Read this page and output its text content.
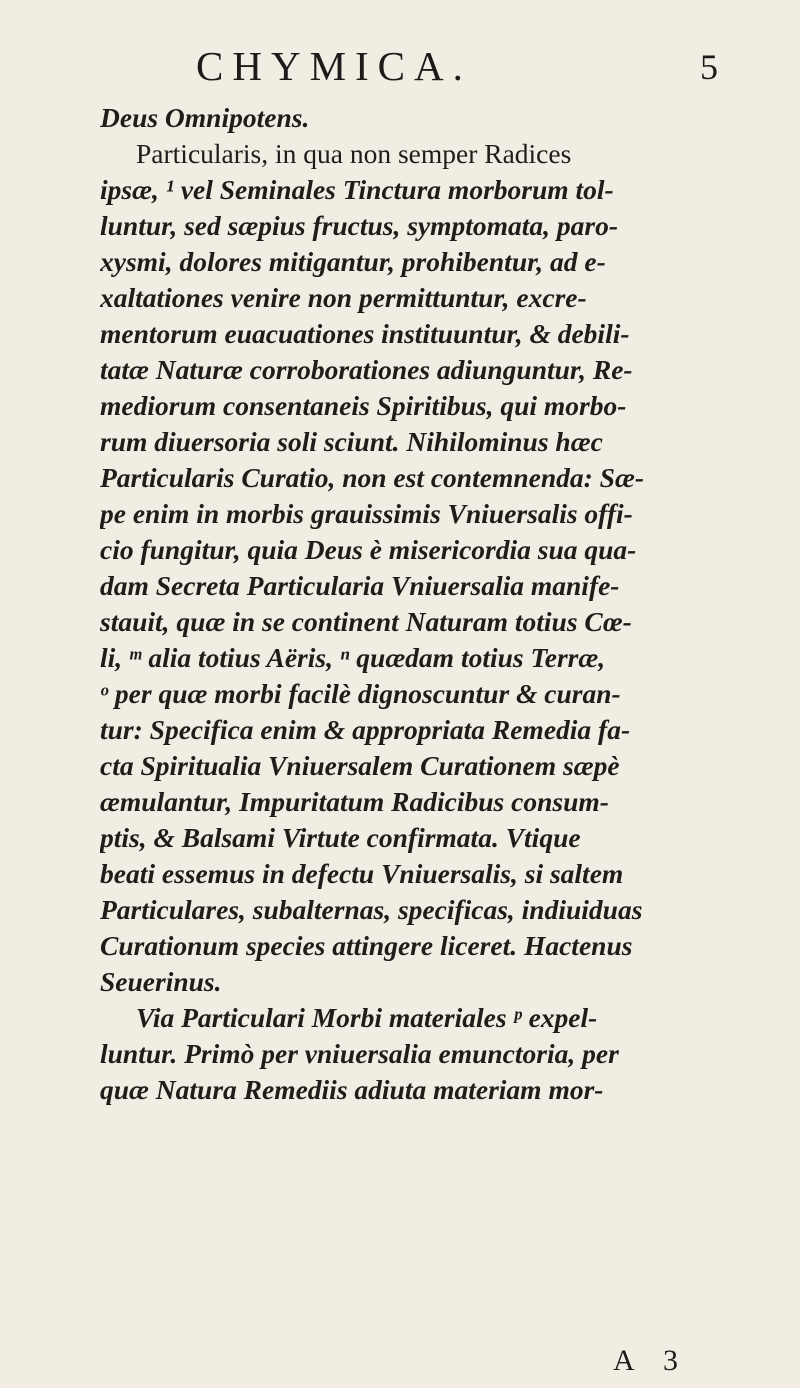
CHYMICA.	5
Deus Omnipotens.
Particularis, in qua non semper Radices
ipsæ, ¹ vel Seminales Tinctura morborum tol-
luntur, sed sæpius fructus, symptomata, paro-
xysmi, dolores mitigantur, prohibentur, ad e-
xaltationes venire non permittuntur, excre-
mentorum euacuationes instituuntur, & debili-
tatæ Naturæ corroborationes adiunguntur, Re-
mediorum consentaneis Spiritibus, qui morbo-
rum diuersoria soli sciunt. Nihilominus hæc
Particularis Curatio, non est contemnenda: Sæ-
pe enim in morbis grauissimis Vniuersalis offi-
cio fungitur, quia Deus è misericordia sua qua-
dam Secreta Particularia Vniuersalia manife-
stauit, quæ in se continent Naturam totius Cœ-
li, ᵐ alia totius Aëris, ⁿ quædam totius Terræ,
ᵒ per quæ morbi facilè dignoscuntur & curan-
tur: Specifica enim & appropriata Remedia fa-
cta Spiritualia Vniuersalem Curationem sæpè
æmulantur, Impuritatum Radicibus consum-
ptis, & Balsami Virtute confirmata. Vtique
beati essemus in defectu Vniuersalis, si saltem
Particulares, subalternas, specificas, indiuiduas
Curationum species attingere liceret. Hactenus
Seuerinus.
Via Particulari Morbi materiales ᵖ expel-
luntur. Primò per vniuersalia emunctoria, per
quæ Natura Remediis adiuta materiam mor-
A 3
